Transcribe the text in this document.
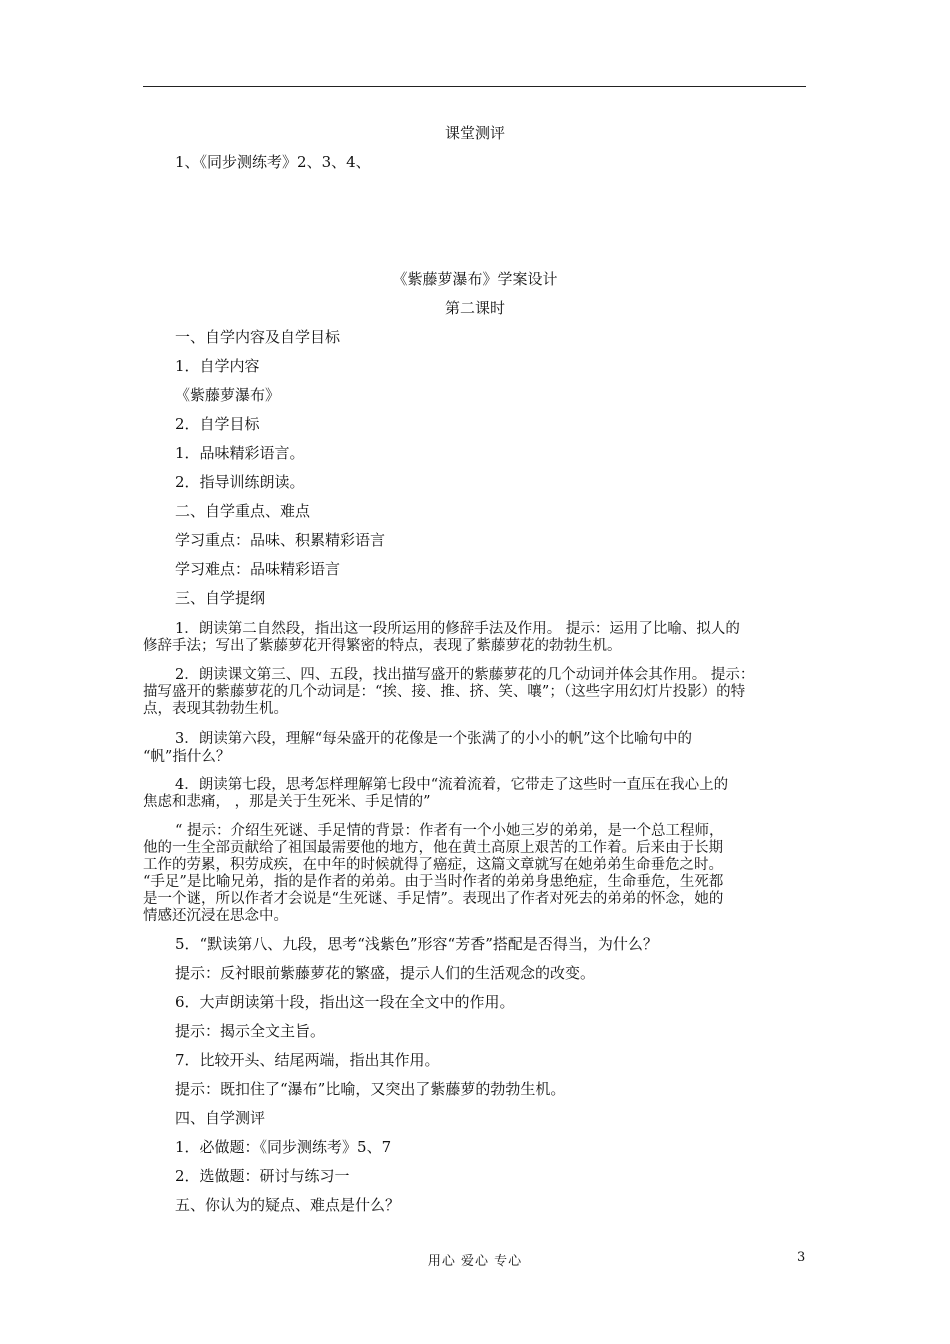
课堂测评
1、《同步测练考》2、3、4、
《紫藤萝瀑布》学案设计
第二课时
一、自学内容及自学目标
1．自学内容
《紫藤萝瀑布》
2．自学目标
1．品味精彩语言。
2．指导训练朗读。
二、自学重点、难点
学习重点：品味、积累精彩语言
学习难点：品味精彩语言
三、自学提纲
1．朗读第二自然段，指出这一段所运用的修辞手法及作用。 提示：运用了比喻、拟人的
修辞手法；写出了紫藤萝花开得繁密的特点，表现了紫藤萝花的勃勃生机。
2．朗读课文第三、四、五段，找出描写盛开的紫藤萝花的几个动词并体会其作用。 提示：
描写盛开的紫藤萝花的几个动词是：“挨、接、推、挤、笑、嚷”；（这些字用幻灯片投影）的特
点，表现其勃勃生机。
3．朗读第六段，理解“每朵盛开的花像是一个张满了的小小的帆”这个比喻句中的
“帆”指什么？
4．朗读第七段，思考怎样理解第七段中“流着流着，它带走了这些时一直压在我心上的
焦虑和悲痛， ，那是关于生死米、手足情的”
“ 提示：介绍生死谜、手足情的背景：作者有一个小她三岁的弟弟，是一个总工程师，
他的一生全部贡献给了祖国最需要他的地方，他在黄土高原上艰苦的工作着。后来由于长期
工作的劳累，积劳成疾，在中年的时候就得了癌症，这篇文章就写在她弟弟生命垂危之时。
“手足”是比喻兄弟，指的是作者的弟弟。由于当时作者的弟弟身患绝症，生命垂危，生死都
是一个谜，所以作者才会说是“生死谜、手足情”。表现出了作者对死去的弟弟的怀念，她的
情感还沉浸在思念中。
5．“默读第八、九段，思考“浅紫色”形容“芳香”搭配是否得当，为什么？
提示：反衬眼前紫藤萝花的繁盛，提示人们的生活观念的改变。
6．大声朗读第十段，指出这一段在全文中的作用。
提示：揭示全文主旨。
7．比较开头、结尾两端，指出其作用。
提示：既扣住了“瀑布”比喻，又突出了紫藤萝的勃勃生机。
四、自学测评
1．必做题：《同步测练考》5、7
2．选做题：研讨与练习一
五、你认为的疑点、难点是什么？
用心 爱心 专心	3
